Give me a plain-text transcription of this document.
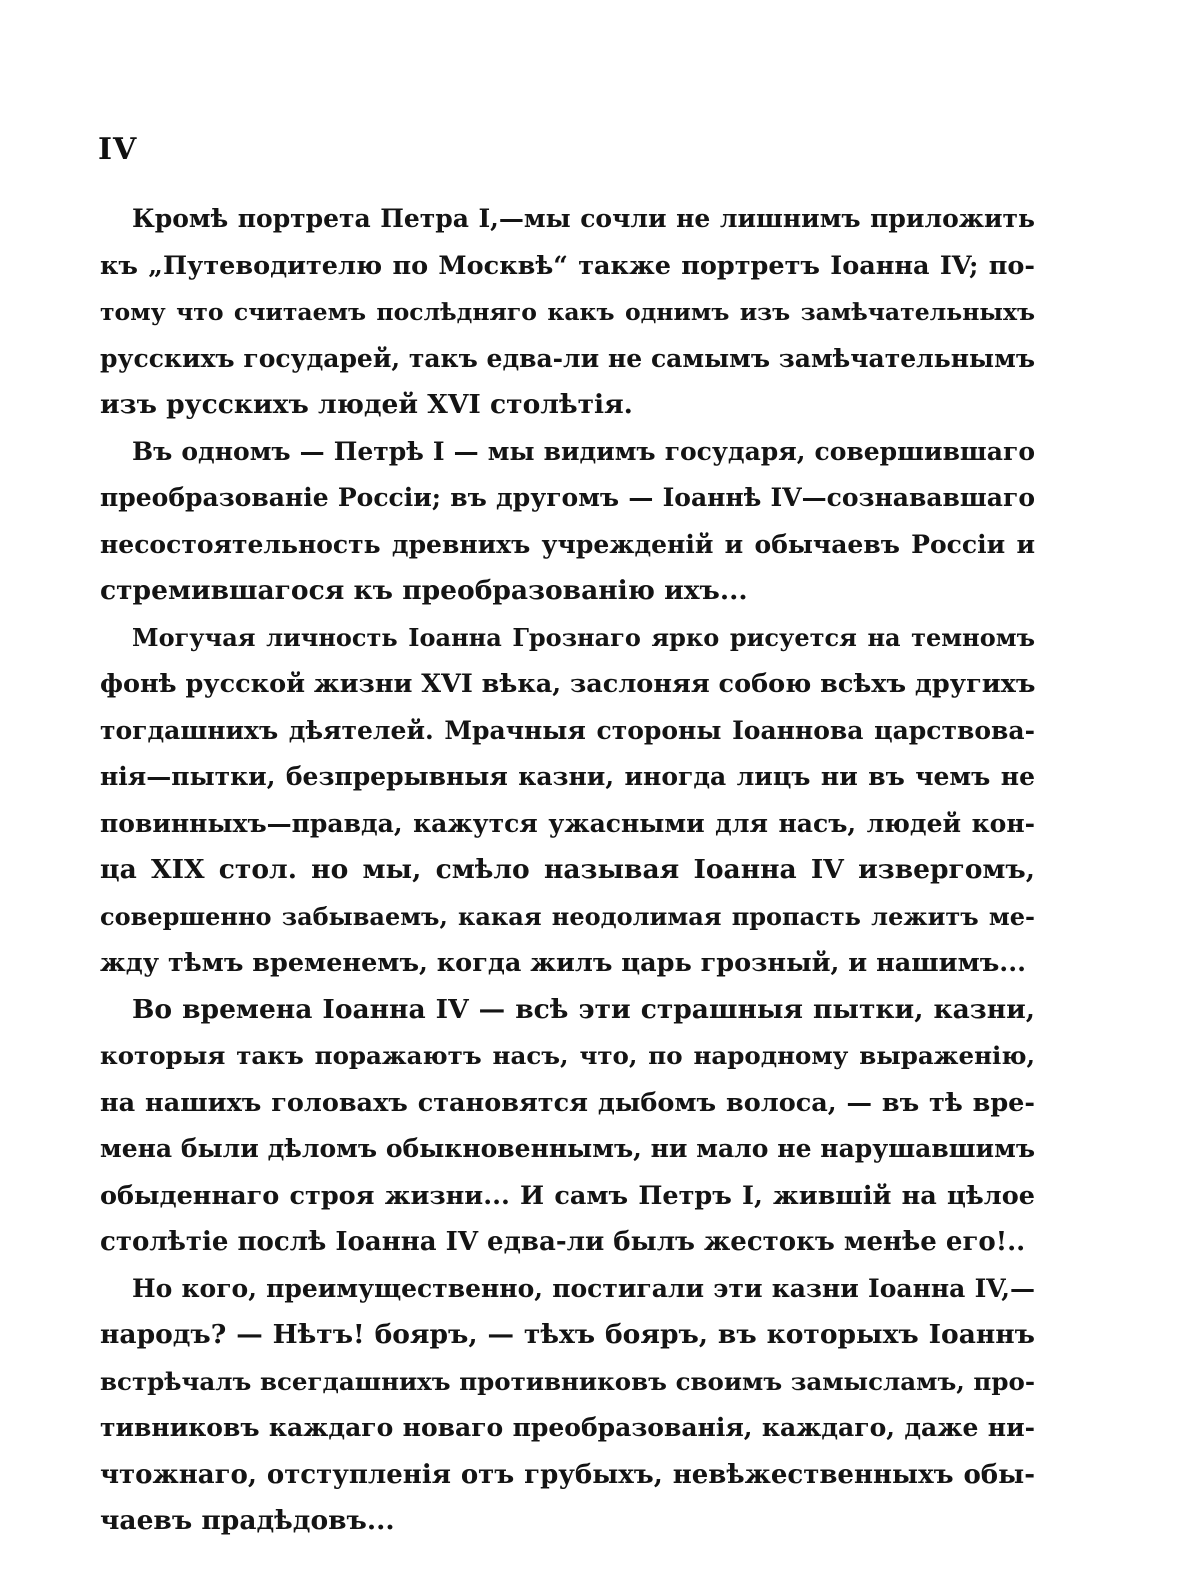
IV
Кромѣ портрета Петра I,—мы сочли не лишнимъ приложить
къ „Путеводителю по Москвѣ“ также портретъ Іоанна IV; по-
тому что считаемъ послѣдняго какъ однимъ изъ замѣчательныхъ
русскихъ государей, такъ едва-ли не самымъ замѣчательнымъ
изъ русскихъ людей XVI столѣтія.
Въ одномъ — Петрѣ I — мы видимъ государя, совершившаго
преобразованіе Россіи; въ другомъ — Іоаннѣ IV—сознававшаго
несостоятельность древнихъ учрежденій и обычаевъ Россіи и
стремившагося къ преобразованію ихъ...
Могучая личность Іоанна Грознаго ярко рисуется на темномъ
фонѣ русской жизни XVI вѣка, заслоняя собою всѣхъ другихъ
тогдашнихъ дѣятелей. Мрачныя стороны Іоаннова царствова-
нія—пытки, безпрерывныя казни, иногда лицъ ни въ чемъ не
повинныхъ—правда, кажутся ужасными для насъ, людей кон-
ца XIX стол. но мы, смѣло называя Іоанна IV извергомъ,
совершенно забываемъ, какая неодолимая пропасть лежитъ ме-
жду тѣмъ временемъ, когда жилъ царь грозный, и нашимъ...
Во времена Іоанна IV — всѣ эти страшныя пытки, казни,
которыя такъ поражаютъ насъ, что, по народному выраженію,
на нашихъ головахъ становятся дыбомъ волоса, — въ тѣ вре-
мена были дѣломъ обыкновеннымъ, ни мало не нарушавшимъ
обыденнаго строя жизни... И самъ Петръ I, жившій на цѣлое
столѣтіе послѣ Іоанна IV едва-ли былъ жестокъ менѣе его!..
Но кого, преимущественно, постигали эти казни Іоанна IV,—
народъ? — Нѣтъ! бояръ, — тѣхъ бояръ, въ которыхъ Іоаннъ
встрѣчалъ всегдашнихъ противниковъ своимъ замысламъ, про-
тивниковъ каждаго новаго преобразованія, каждаго, даже ни-
чтожнаго, отступленія отъ грубыхъ, невѣжественныхъ обы-
чаевъ прадѣдовъ...
